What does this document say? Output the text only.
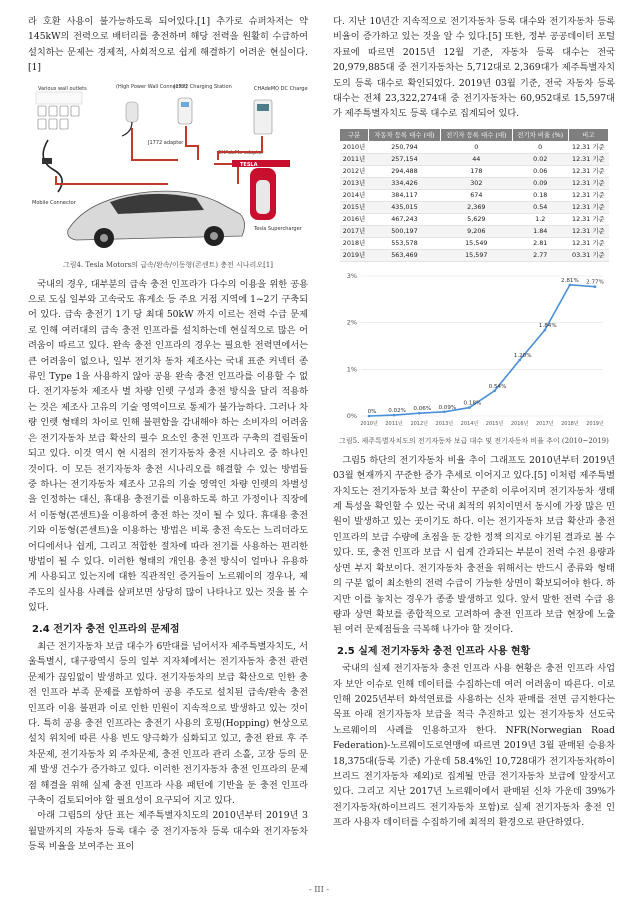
라 호환 사용이 불가능하도록 되어있다.[1] 추가로 슈퍼차저는 약 145kW의 전력으로 배터리를 충전하며 해당 전력을 원활히 수급하여 설치하는 문제는 경제적, 사회적으로 쉽게 해결하기 어려운 현실이다.[1]

Various wall outlets
Mobile Connector
(High Power Wall Connector)
J1772 Charging Station
J1772 adapter
CHAdeMO DC Charger
CHAdeMo adapter
TESLA
Tesla Supercharger

그림4. Tesla Motors의 급속/완속/이동형(콘센트) 충전 시나리오[1]

국내의 경우, 대부분의 급속 충전 인프라가 다수의 이용을 위한 공용으로 도심 일부와 고속국도 휴게소 등 주요 거점 지역에 1~2기 구축되어 있다. 급속 충전기 1기 당 최대 50kW 까지 이르는 전력 수급 문제로 인해 여러대의 급속 충전 인프라를 설치하는데 현실적으로 많은 어려움이 따르고 있다. 완속 충전 인프라의 경우는 필요한 전력면에서는 큰 어려움이 없으나, 일부 전기차 동차 제조사는 국내 표준 커넥터 종류인 Type 1을 사용하지 않아 공용 완속 충전 인프라를 이용할 수 없다. 전기자동차 제조사 별 차량 인렛 구성과 충전 방식을 달리 적용하는 것은 제조사 고유의 기술 영역이므로 통제가 불가능하다. 그러나 차량 인렛 형태의 차이로 인해 불편함을 감내해야 하는 소비자의 어려움은 전기자동차 보급 확산의 필수 요소인 충전 인프라 구축의 걸림돌이 되고 있다. 이것 역시 현 시점의 전기자동차 충전 시나리오 중 하나인 것이다. 이 모든 전기자동차 충전 시나리오를 해결할 수 있는 방법들 중 하나는 전기자동차 제조사 고유의 기술 영역인 차량 인렛의 차별성을 인정하는 대신, 휴대용 충전기를 이용하도록 하고 가정이나 직장에서 이동형(콘센트)을 이용하여 충전 하는 것이 될 수 있다. 휴대용 충전기와 이동형(콘센트)을 이용하는 방법은 비록 충전 속도는 느리더라도 어디에서나 쉽게, 그리고 적합한 절차에 따라 전기를 사용하는 편리한 방법이 될 수 있다. 이러한 형태의 개인용 충전 방식이 얼마나 유용하게 사용되고 있는지에 대한 직관적인 증거들이 노르웨이의 경우나, 제주도의 실사용 사례를 살펴보면 상당히 많이 나타나고 있는 것을 볼 수 있다.

2.4 전기자 충전 인프라의 문제점

최근 전기자동차 보급 대수가 6만대를 넘어서자 제주특별자치도, 서울특별시, 대구광역시 등의 일부 지자체에서는 전기자동차 충전 관련 문제가 끊임없이 발생하고 있다. 전기자동차의 보급 확산으로 인한 충전 인프라 부족 문제를 포함하여 공용 주도로 설치된 급속/완속 충전 인프라 이용 불편과 이로 인한 민원이 지속적으로 발생하고 있는 것이다. 특히 공용 충전 인프라는 충전기 사용의 호핑(Hopping) 현상으로 설치 위치에 따른 사용 빈도 양극화가 심화되고 있고, 충전 완료 후 주차문제, 전기자동차 외 주차문제, 충전 인프라 관리 소홀, 고장 등의 문제 발생 건수가 증가하고 있다. 이러한 전기자동차 충전 인프라의 문제점 해결을 위해 실제 충전 인프라 사용 패턴에 기반을 둔 충전 인프라 구축이 검토되어야 할 필요성이 요구되어 지고 있다.

아래 그림5의 상단 표는 제주특별자치도의 2010년부터 2019년 3월말까지의 자동차 등록 대수 중 전기자동차 등록 대수와 전기자동차 등록 비율을 보여주는 표이

다. 지난 10년간 지속적으로 전기자동차 등록 대수와 전기자동차 등록 비율이 증가하고 있는 것을 알 수 있다.[5] 또한, 정부 공공데이터 포털 자료에 따르면 2015년 12월 기준, 자동차 등록 대수는 전국 20,979,885대 중 전기자동차는 5,712대로 2,369대가 제주특별자치도의 등록 대수로 확인되었다. 2019년 03월 기준, 전국 자동차 등록 대수는 전체 23,322,274대 중 전기자동차는 60,952대로 15,597대가 제주특별자치도 등록 대수로 집계되어 있다.

구분	자동차 등록 대수 (대)	전기자 등록 대수 (대)	전기차 비율 (%)	비고
2010년	250,794	0	0	12.31 기준
2011년	257,154	44	0.02	12.31 기준
2012년	294,488	178	0.06	12.31 기준
2013년	334,426	302	0.09	12.31 기준
2014년	384,117	674	0.18	12.31 기준
2015년	435,015	2,369	0.54	12.31 기준
2016년	467,243	5,629	1.2	12.31 기준
2017년	500,197	9,206	1.84	12.31 기준
2018년	553,578	15,549	2.81	12.31 기준
2019년	563,469	15,597	2.77	03.31 기준
0%
1%
2%
3%
2010년 2011년 2012년 2013년 2014년 2015년 2016년 2017년 2018년 2019년
0% 0.02% 0.06% 0.09%
0.18%
0.54%
1.20%
1.84%
2.81% 2.77%

그림5. 제주특별자치도의 전기자동차 보급 대수 및 전기자동차 비율 추이 (2010~2019)

그림5 하단의 전기자동차 비율 추이 그래프도 2010년부터 2019년 03월 현재까지 꾸준한 증가 추세로 이어지고 있다.[5] 이처럼 제주특별자치도는 전기자동차 보급 확산이 꾸준히 이루어지며 전기자동차 생태계 특성을 확인할 수 있는 국내 최적의 위치이면서 동시에 가장 많은 민원이 발생하고 있는 곳이기도 하다. 이는 전기자동차 보급 확산과 충전 인프라의 보급 수량에 초점을 둔 강한 정책 의지로 야기된 결과로 볼 수 있다. 또, 충전 인프라 보급 시 쉽게 간과되는 부분이 전력 수전 용량과 상면 부지 확보이다. 전기자동차 충전을 위해서는 반드시 종류와 형태의 구분 없이 최소한의 전력 수급이 가능한 상면이 확보되어야 한다. 하지만 이를 놓치는 경우가 종종 발생하고 있다. 앞서 말한 전력 수급 용량과 상면 확보를 종합적으로 고려하여 충전 인프라 보급 현장에 노출된 여러 문제점들을 극복해 나가야 할 것이다.

2.5 실제 전기자동차 충전 인프라 사용 현황

국내의 실제 전기자동차 충전 인프라 사용 현황은 충전 인프라 사업자 보안 이슈로 인해 데이터를 수집하는데 여러 어려움이 따른다. 이로 인해 2025년부터 화석연료를 사용하는 신차 판매를 전면 금지한다는 목표 아래 전기자동차 보급을 적극 추진하고 있는 전기자동차 선도국 노르웨이의 사례를 인용하고자 한다. NFR(Norwegian Road Federation)-노르웨이도로연맹에 따르면 2019년 3월 판매된 승용차 18,375대(등록 기준) 가운데 58.4%인 10,728대가 전기자동차(하이브리드 전기자동차 제외)로 집계될 만큼 전기자동차 보급에 앞장서고 있다. 그리고 지난 2017년 노르웨이에서 판매된 신차 가운데 39%가 전기자동차(하이브리드 전기자동차 포함)로 실제 전기자동차 충전 인프라 사용자 데이터를 수집하기에 최적의 환경으로 판단하였다.

- III -
